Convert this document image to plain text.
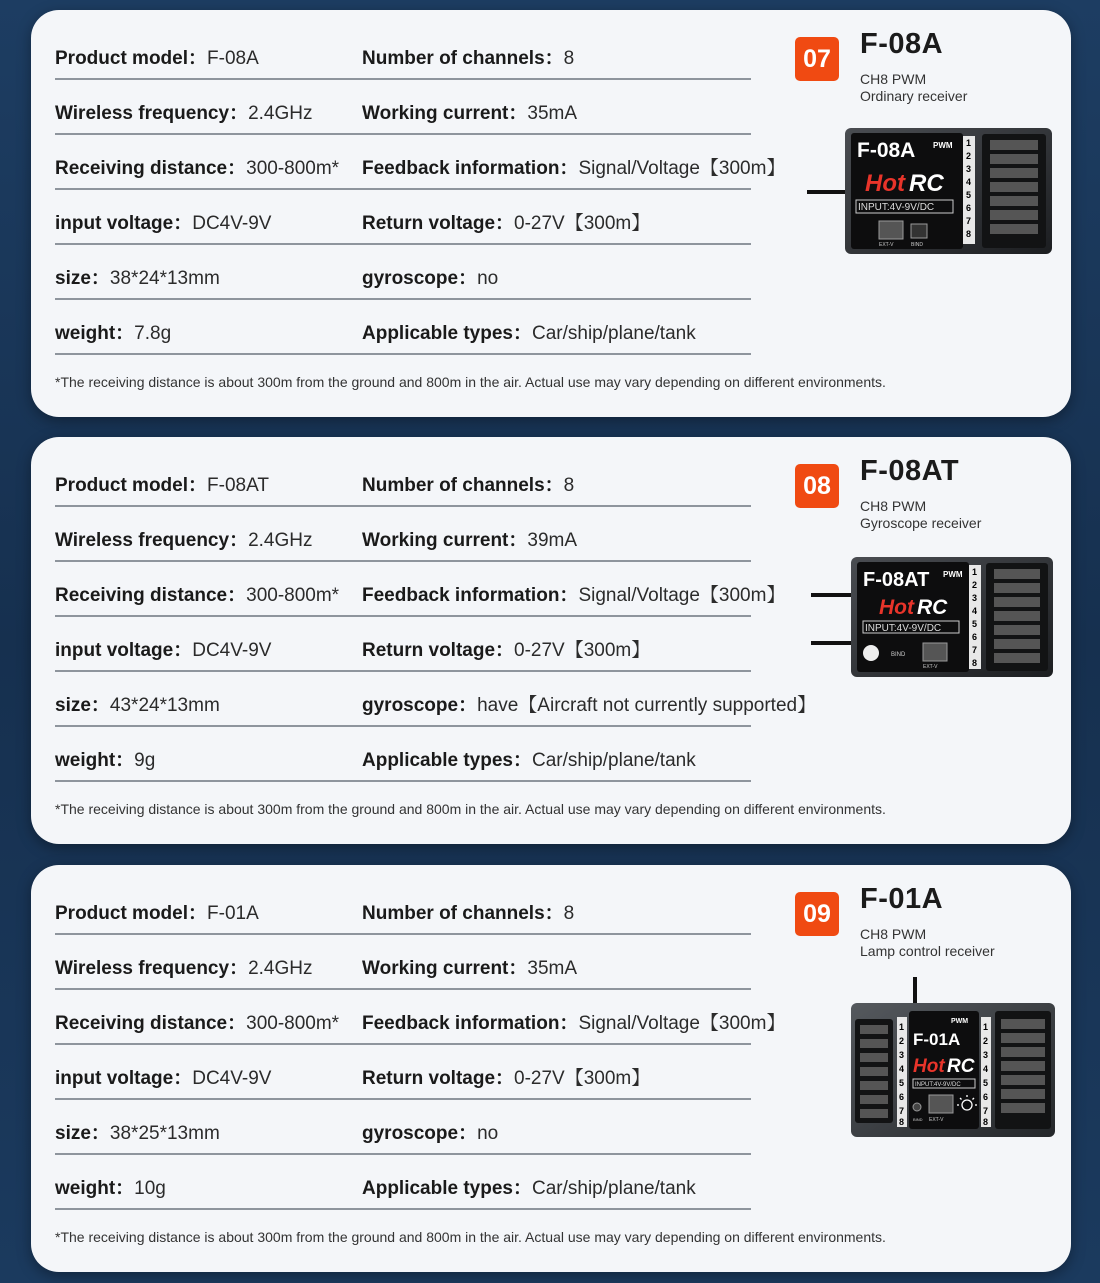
Product model：F-08A	Number of channels：8
Wireless frequency：2.4GHz	Working current：35mA
Receiving distance：300-800m* Feedback information：Signal/Voltage【300m】
input voltage：DC4V-9V	Return voltage：0-27V【300m】
size：38*24*13mm	gyroscope：no
weight：7.8g	Applicable types：Car/ship/plane/tank
*The receiving distance is about 300m from the ground and 800m in the air. Actual use may vary depending on different environments.
07 F-08A
CH8 PWM
Ordinary receiver
F-08A PWM
Hot RC
INPUT:4V-9V/DC
EXT-V	BIND
1
2
3
4
5
6
7
8
Product model：F-08AT	Number of channels：8
Wireless frequency：2.4GHz	Working current：39mA
Receiving distance：300-800m* Feedback information：Signal/Voltage【300m】
input voltage：DC4V-9V	Return voltage：0-27V【300m】
size：43*24*13mm	gyroscope：have【Aircraft not currently supported】
weight：9g	Applicable types：Car/ship/plane/tank
*The receiving distance is about 300m from the ground and 800m in the air. Actual use may vary depending on different environments.
08 F-08AT
CH8 PWM
Gyroscope receiver
F-08AT PWM
Hot RC
INPUT:4V-9V/DC
BIND
EXT-V
1
2
3
4
5
6
7
8
Product model：F-01A	Number of channels：8
Wireless frequency：2.4GHz	Working current：35mA
Receiving distance：300-800m* Feedback information：Signal/Voltage【300m】
input voltage：DC4V-9V	Return voltage：0-27V【300m】
size：38*25*13mm	gyroscope：no
weight：10g	Applicable types：Car/ship/plane/tank
*The receiving distance is about 300m from the ground and 800m in the air. Actual use may vary depending on different environments.
09 F-01A
CH8 PWM
Lamp control receiver
1
2
3
4
5
6
7
8
F-01A
PWM
Hot RC
INPUT:4V-9V/DC
BIND EXT-V
1
2
3
4
5
6
7
8
